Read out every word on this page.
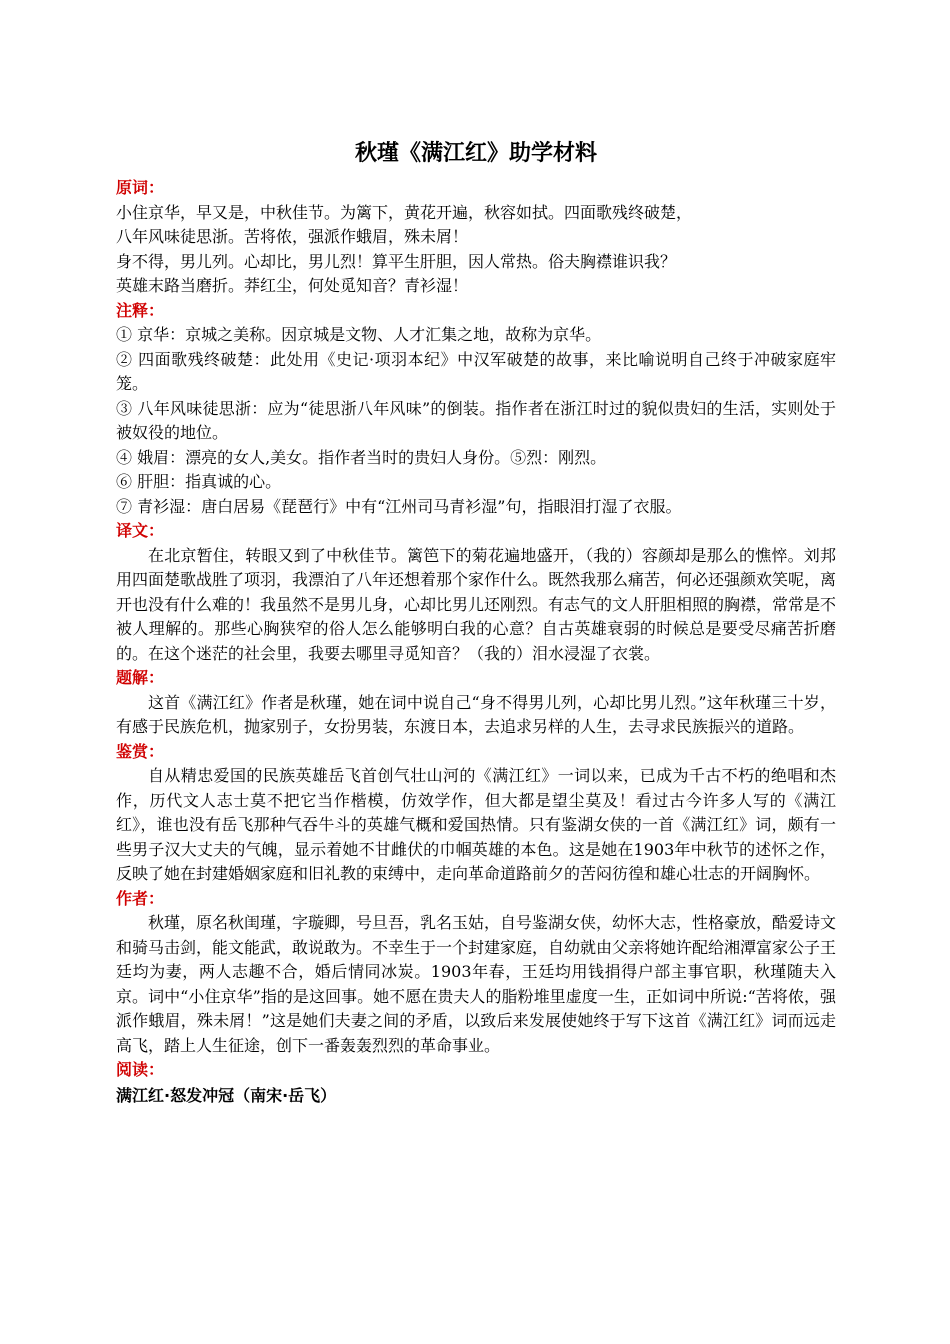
秋瑾《满江红》助学材料

原词：

小住京华，早又是，中秋佳节。为篱下，黄花开遍，秋容如拭。四面歌残终破楚，

八年风味徒思浙。苦将侬，强派作蛾眉，殊未屑！

身不得，男儿列。心却比，男儿烈！算平生肝胆，因人常热。俗夫胸襟谁识我？

英雄末路当磨折。莽红尘，何处觅知音？青衫湿！

注释：

① 京华：京城之美称。因京城是文物、人才汇集之地，故称为京华。

② 四面歌残终破楚：此处用《史记·项羽本纪》中汉军破楚的故事，来比喻说明自己终于冲破家庭牢笼。

③ 八年风味徒思浙：应为“徒思浙八年风味”的倒装。指作者在浙江时过的貌似贵妇的生活，实则处于被奴役的地位。

④ 娥眉：漂亮的女人,美女。指作者当时的贵妇人身份。⑤烈：刚烈。

⑥ 肝胆：指真诚的心。

⑦ 青衫湿：唐白居易《琵琶行》中有“江州司马青衫湿”句，指眼泪打湿了衣服。

译文：

在北京暂住，转眼又到了中秋佳节。篱笆下的菊花遍地盛开，（我的）容颜却是那么的憔悴。刘邦用四面楚歌战胜了项羽，我漂泊了八年还想着那个家作什么。既然我那么痛苦，何必还强颜欢笑呢，离开也没有什么难的！我虽然不是男儿身，心却比男儿还刚烈。有志气的文人肝胆相照的胸襟，常常是不被人理解的。那些心胸狭窄的俗人怎么能够明白我的心意？自古英雄衰弱的时候总是要受尽痛苦折磨的。在这个迷茫的社会里，我要去哪里寻觅知音？（我的）泪水浸湿了衣裳。

题解：

这首《满江红》作者是秋瑾，她在词中说自己“身不得男儿列，心却比男儿烈。”这年秋瑾三十岁，有感于民族危机，抛家别子，女扮男装，东渡日本，去追求另样的人生，去寻求民族振兴的道路。

鉴赏：

自从精忠爱国的民族英雄岳飞首创气壮山河的《满江红》一词以来，已成为千古不朽的绝唱和杰作，历代文人志士莫不把它当作楷模，仿效学作，但大都是望尘莫及！看过古今许多人写的《满江红》，谁也没有岳飞那种气吞牛斗的英雄气概和爱国热情。只有鉴湖女侠的一首《满江红》词，颇有一些男子汉大丈夫的气魄，显示着她不甘雌伏的巾帼英雄的本色。这是她在1903年中秋节的述怀之作，反映了她在封建婚姻家庭和旧礼教的束缚中，走向革命道路前夕的苦闷彷徨和雄心壮志的开阔胸怀。

作者：

秋瑾，原名秋闺瑾，字璇卿，号旦吾，乳名玉姑，自号鉴湖女侠，幼怀大志，性格豪放，酷爱诗文和骑马击剑，能文能武，敢说敢为。不幸生于一个封建家庭，自幼就由父亲将她许配给湘潭富家公子王廷均为妻，两人志趣不合，婚后情同冰炭。1903年春，王廷均用钱捐得户部主事官职，秋瑾随夫入京。词中“小住京华”指的是这回事。她不愿在贵夫人的脂粉堆里虚度一生，正如词中所说:“苦将侬，强派作蛾眉，殊未屑！”这是她们夫妻之间的矛盾，以致后来发展使她终于写下这首《满江红》词而远走高飞，踏上人生征途，创下一番轰轰烈烈的革命事业。

阅读：

满江红·怒发冲冠（南宋·岳飞）
